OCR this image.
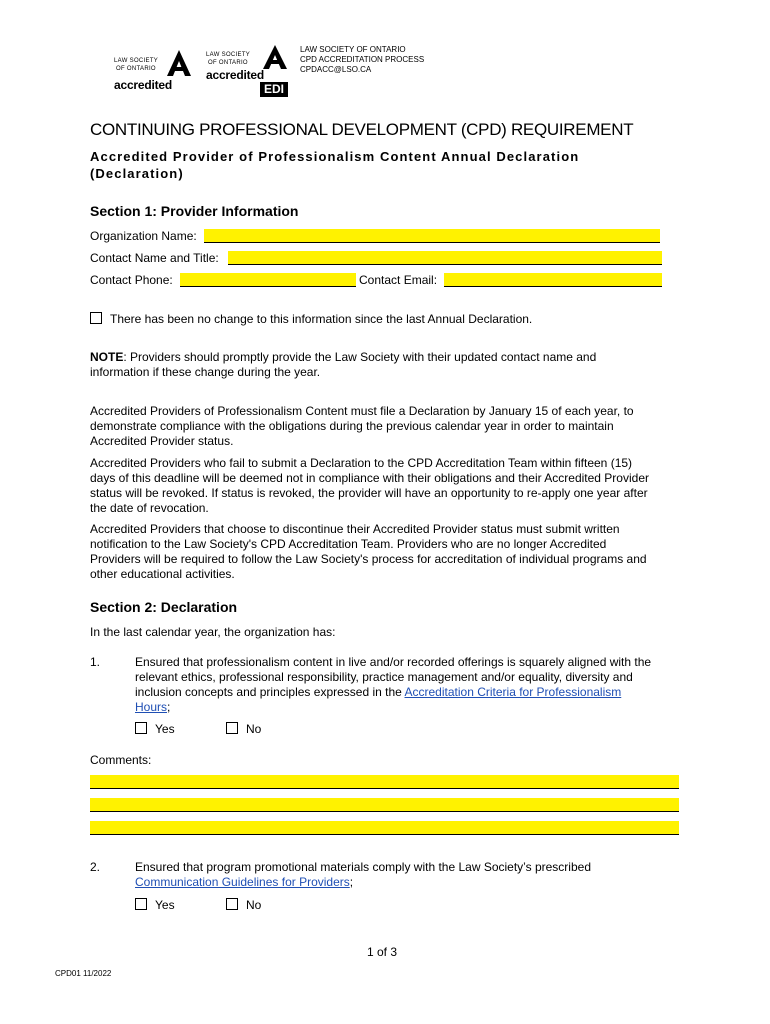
LAW SOCIETY
OF ONTARIO
accredited
LAW SOCIETY
OF ONTARIO
accredited
EDI
LAW SOCIETY OF ONTARIO
CPD ACCREDITATION PROCESS
CPDACC@LSO.CA
CONTINUING PROFESSIONAL DEVELOPMENT (CPD) REQUIREMENT
Accredited Provider of Professionalism Content Annual Declaration
(Declaration)
Section 1: Provider Information
Organization Name:
Contact Name and Title:
Contact Phone:	Contact Email:
There has been no change to this information since the last Annual Declaration.
NOTE: Providers should promptly provide the Law Society with their updated contact name and
information if these change during the year.
Accredited Providers of Professionalism Content must file a Declaration by January 15 of each year, to
demonstrate compliance with the obligations during the previous calendar year in order to maintain
Accredited Provider status.
Accredited Providers who fail to submit a Declaration to the CPD Accreditation Team within fifteen (15)
days of this deadline will be deemed not in compliance with their obligations and their Accredited Provider
status will be revoked. If status is revoked, the provider will have an opportunity to re-apply one year after
the date of revocation.
Accredited Providers that choose to discontinue their Accredited Provider status must submit written
notification to the Law Society's CPD Accreditation Team. Providers who are no longer Accredited
Providers will be required to follow the Law Society's process for accreditation of individual programs and
other educational activities.
Section 2: Declaration
In the last calendar year, the organization has:
1.	Ensured that professionalism content in live and/or recorded offerings is squarely aligned with the
relevant ethics, professional responsibility, practice management and/or equality, diversity and
inclusion concepts and principles expressed in the Accreditation Criteria for Professionalism
Hours;
Yes	No
Comments:
2.	Ensured that program promotional materials comply with the Law Society’s prescribed
Communication Guidelines for Providers;
Yes	No
1 of 3
CPD01 11/2022
